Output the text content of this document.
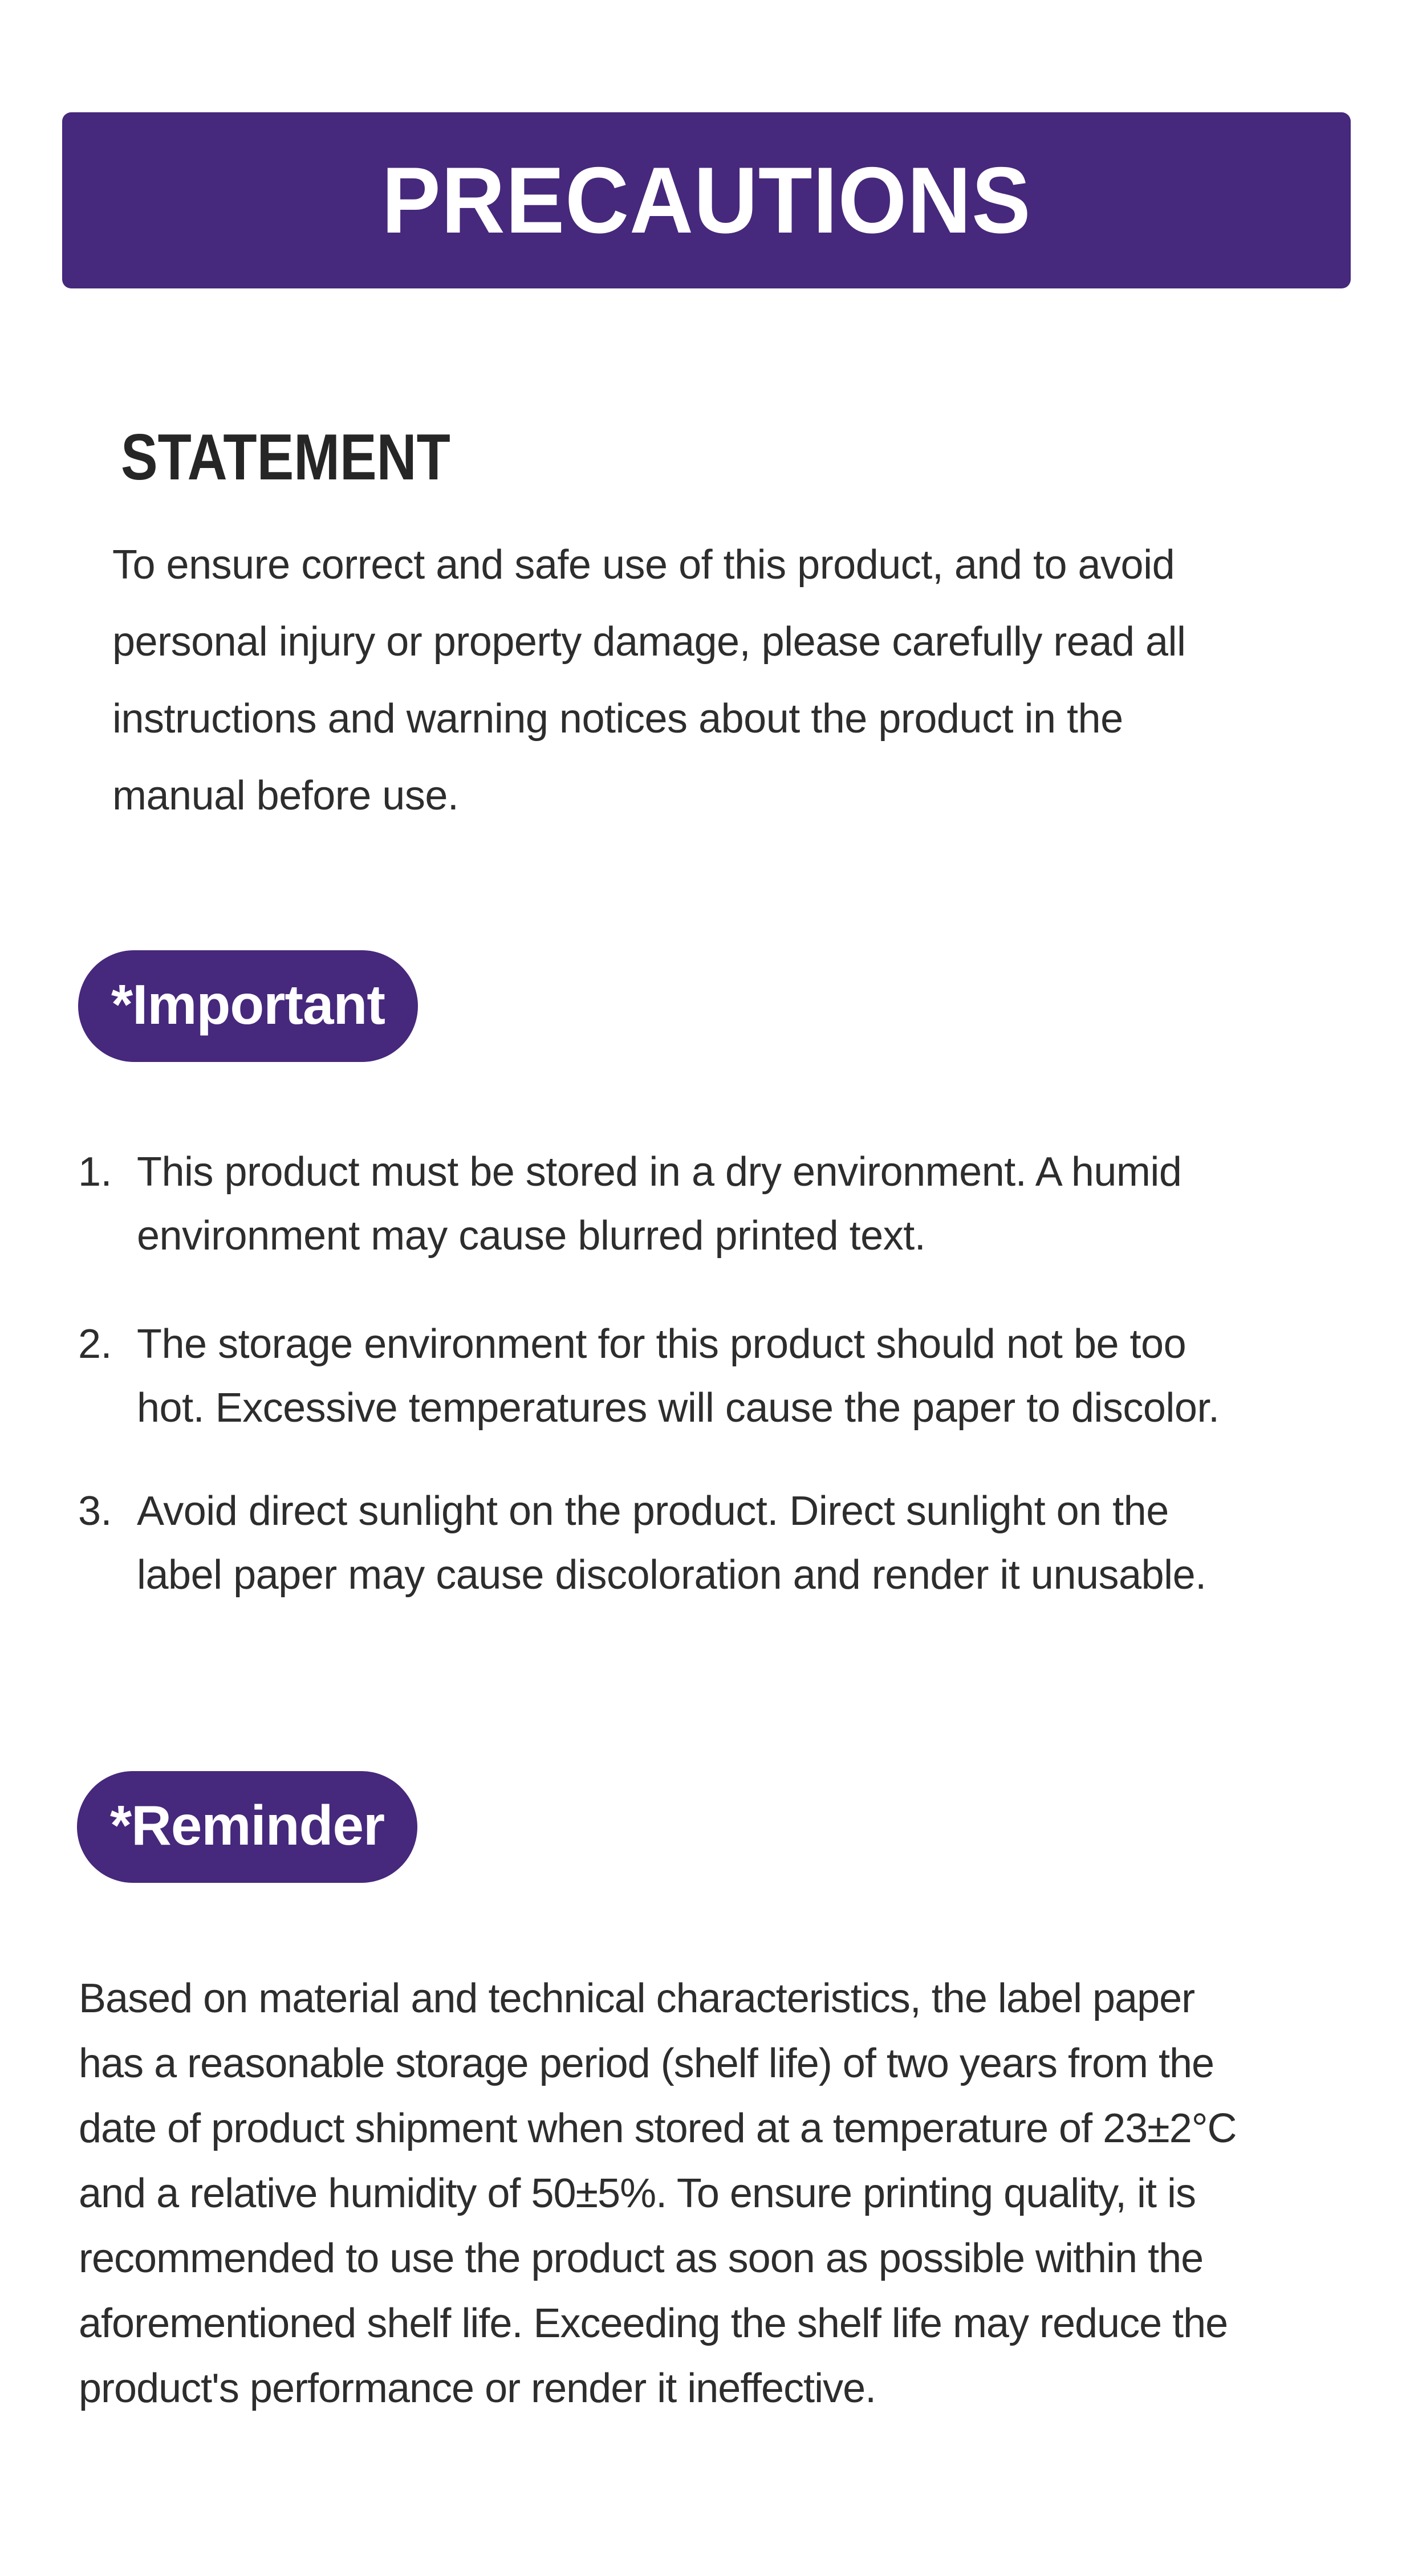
PRECAUTIONS
STATEMENT
To ensure correct and safe use of this product, and to avoid
personal injury or property damage, please carefully read all
instructions and warning notices about the product in the
manual before use.
*Important
1. This product must be stored in a dry environment. A humid
environment may cause blurred printed text.
2. The storage environment for this product should not be too
hot. Excessive temperatures will cause the paper to discolor.
3. Avoid direct sunlight on the product. Direct sunlight on the
label paper may cause discoloration and render it unusable.
*Reminder
Based on material and technical characteristics, the label paper
has a reasonable storage period (shelf life) of two years from the
date of product shipment when stored at a temperature of 23±2°C
and a relative humidity of 50±5%. To ensure printing quality, it is
recommended to use the product as soon as possible within the
aforementioned shelf life. Exceeding the shelf life may reduce the
product's performance or render it ineffective.
